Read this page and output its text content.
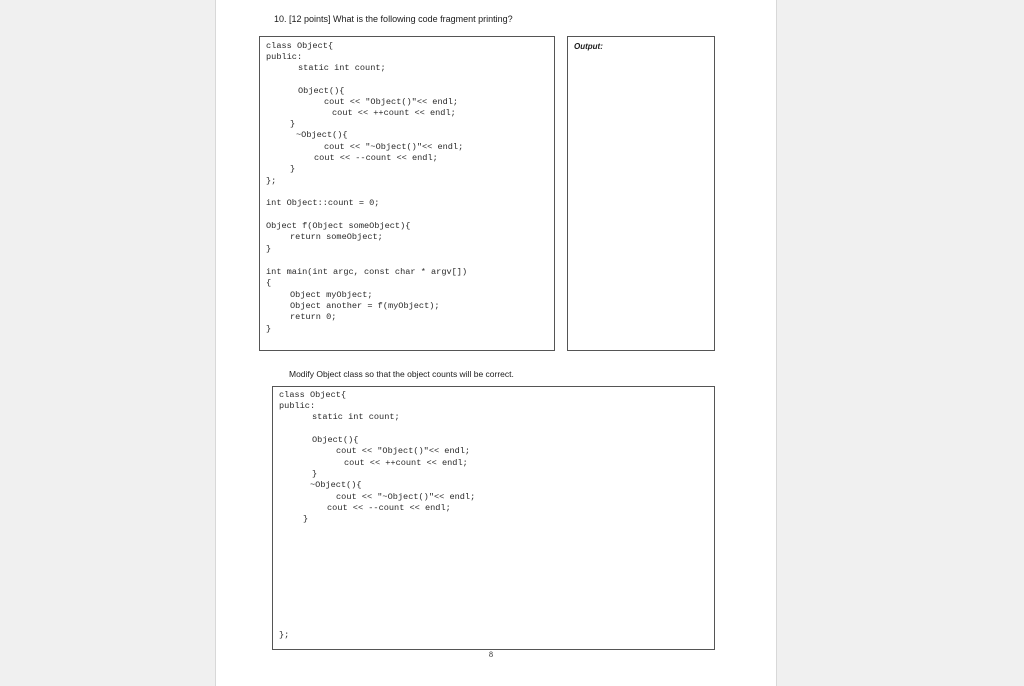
10. [12 points] What is the following code fragment printing?
Output:
class Object{
public:
static int count;
Object(){
cout << "Object()"<< endl;
cout << ++count << endl;
}
~Object(){
cout << "~Object()"<< endl;
cout << --count << endl;
}
};
int Object::count = 0;
Object f(Object someObject){
return someObject;
}
int main(int argc, const char * argv[])
{
Object myObject;
Object another = f(myObject);
return 0;
}
Modify Object class so that the object counts will be correct.
class Object{
public:
static int count;
Object(){
cout << "Object()"<< endl;
cout << ++count << endl;
}
~Object(){
cout << "~Object()"<< endl;
cout << --count << endl;
}
};
8
